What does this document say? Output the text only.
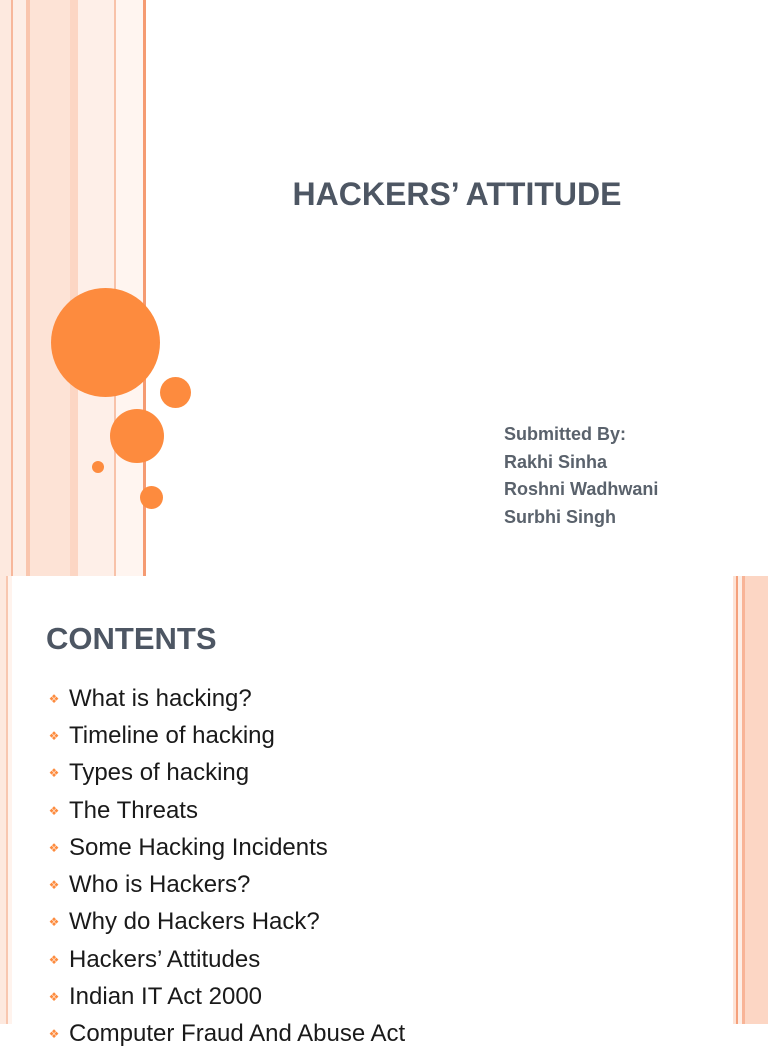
HACKERS’ ATTITUDE
Submitted By:
Rakhi Sinha
Roshni Wadhwani
Surbhi Singh
CONTENTS
❖ What is hacking?
❖ Timeline of hacking
❖ Types of hacking
❖ The Threats
❖ Some Hacking Incidents
❖ Who is Hackers?
❖ Why do Hackers Hack?
❖ Hackers’ Attitudes
❖ Indian IT Act 2000
❖ Computer Fraud And Abuse Act
